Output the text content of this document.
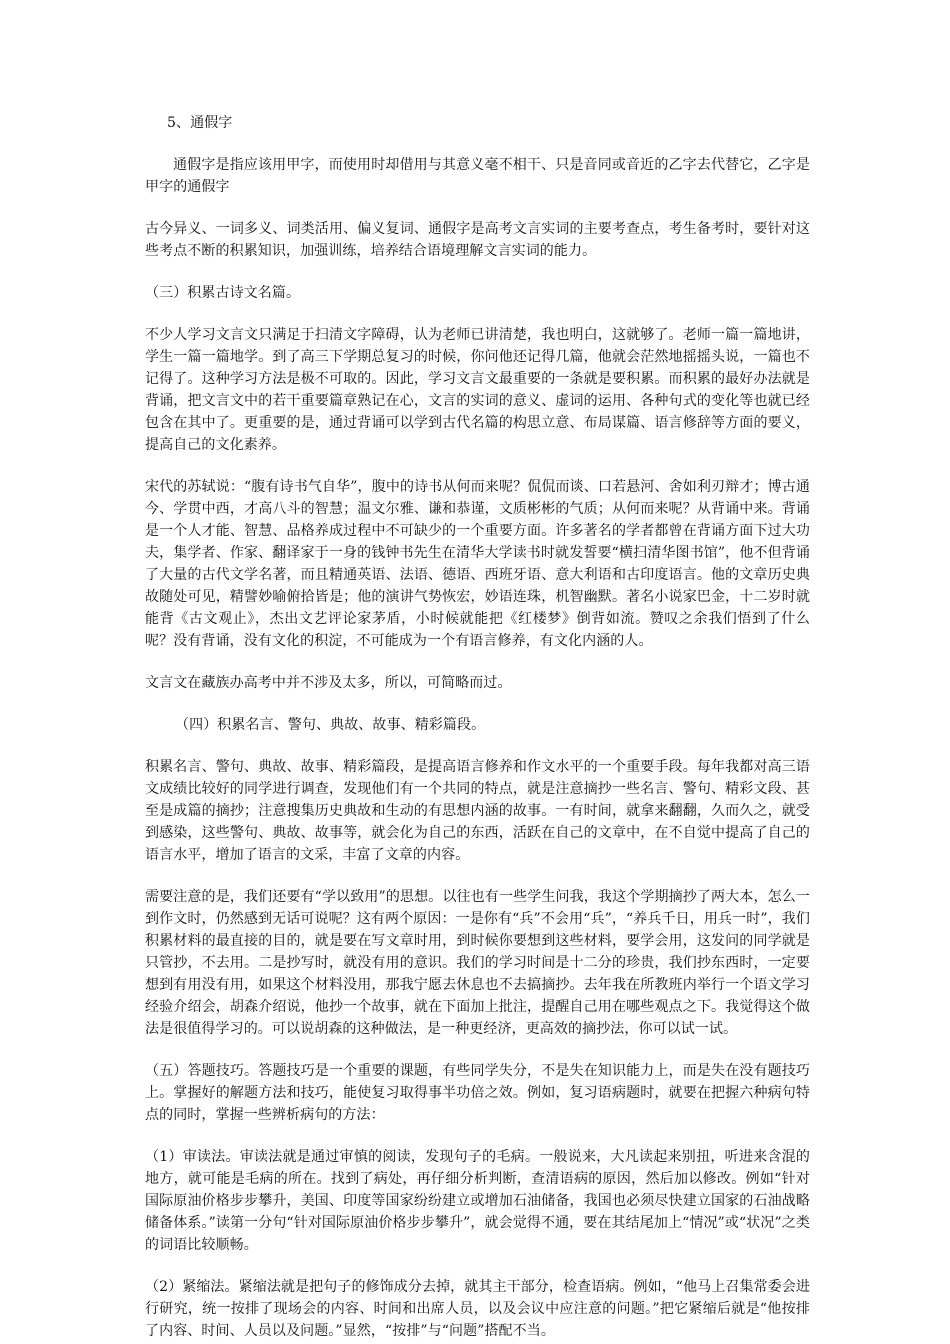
5、通假字

通假字是指应该用甲字，而使用时却借用与其意义毫不相干、只是音同或音近的乙字去代替它，乙字是甲字的通假字

古今异义、一词多义、词类活用、偏义复词、通假字是高考文言实词的主要考查点，考生备考时，要针对这些考点不断的积累知识，加强训练，培养结合语境理解文言实词的能力。

（三）积累古诗文名篇。

不少人学习文言文只满足于扫清文字障碍，认为老师已讲清楚，我也明白，这就够了。老师一篇一篇地讲，学生一篇一篇地学。到了高三下学期总复习的时候，你问他还记得几篇，他就会茫然地摇摇头说，一篇也不记得了。这种学习方法是极不可取的。因此，学习文言文最重要的一条就是要积累。而积累的最好办法就是背诵，把文言文中的若干重要篇章熟记在心，文言的实词的意义、虚词的运用、各种句式的变化等也就已经包含在其中了。更重要的是，通过背诵可以学到古代名篇的构思立意、布局谋篇、语言修辞等方面的要义，提高自己的文化素养。

宋代的苏轼说：“腹有诗书气自华”，腹中的诗书从何而来呢？侃侃而谈、口若悬河、舍如利刃辩才；博古通今、学贯中西，才高八斗的智慧；温文尔雅、谦和恭谨，文质彬彬的气质；从何而来呢？从背诵中来。背诵是一个人才能、智慧、品格养成过程中不可缺少的一个重要方面。许多著名的学者都曾在背诵方面下过大功夫，集学者、作家、翻译家于一身的钱钟书先生在清华大学读书时就发誓要“横扫清华图书馆”，他不但背诵了大量的古代文学名著，而且精通英语、法语、德语、西班牙语、意大利语和古印度语言。他的文章历史典故随处可见，精譬妙喻俯拾皆是；他的演讲气势恢宏，妙语连珠，机智幽默。著名小说家巴金，十二岁时就能背《古文观止》，杰出文艺评论家茅盾，小时候就能把《红楼梦》倒背如流。赞叹之余我们悟到了什么呢？没有背诵，没有文化的积淀，不可能成为一个有语言修养，有文化内涵的人。

文言文在藏族办高考中并不涉及太多，所以，可简略而过。

（四）积累名言、警句、典故、故事、精彩篇段。

积累名言、警句、典故、故事、精彩篇段，是提高语言修养和作文水平的一个重要手段。每年我都对高三语文成绩比较好的同学进行调查，发现他们有一个共同的特点，就是注意摘抄一些名言、警句、精彩文段、甚至是成篇的摘抄；注意搜集历史典故和生动的有思想内涵的故事。一有时间，就拿来翻翻，久而久之，就受到感染，这些警句、典故、故事等，就会化为自己的东西，活跃在自己的文章中，在不自觉中提高了自己的语言水平，增加了语言的文采，丰富了文章的内容。

需要注意的是，我们还要有“学以致用”的思想。以往也有一些学生问我，我这个学期摘抄了两大本，怎么一到作文时，仍然感到无话可说呢？这有两个原因：一是你有“兵”不会用“兵”，“养兵千日，用兵一时”，我们积累材料的最直接的目的，就是要在写文章时用，到时候你要想到这些材料，要学会用，这发问的同学就是只管抄，不去用。二是抄写时，就没有用的意识。我们的学习时间是十二分的珍贵，我们抄东西时，一定要想到有用没有用，如果这个材料没用，那我宁愿去休息也不去搞摘抄。去年我在所教班内举行一个语文学习经验介绍会，胡森介绍说，他抄一个故事，就在下面加上批注，提醒自己用在哪些观点之下。我觉得这个做法是很值得学习的。可以说胡森的这种做法，是一种更经济，更高效的摘抄法，你可以试一试。

（五）答题技巧。答题技巧是一个重要的课题，有些同学失分，不是失在知识能力上，而是失在没有题技巧上。掌握好的解题方法和技巧，能使复习取得事半功倍之效。例如，复习语病题时，就要在把握六种病句特点的同时，掌握一些辨析病句的方法：

（1）审读法。审读法就是通过审慎的阅读，发现句子的毛病。一般说来，大凡读起来别扭，听进来含混的地方，就可能是毛病的所在。找到了病处，再仔细分析判断，查清语病的原因，然后加以修改。例如“针对国际原油价格步步攀升，美国、印度等国家纷纷建立或增加石油储备，我国也必须尽快建立国家的石油战略储备体系。”读第一分句“针对国际原油价格步步攀升”，就会觉得不通，要在其结尾加上“情况”或“状况”之类的词语比较顺畅。

（2）紧缩法。紧缩法就是把句子的修饰成分去掉，就其主干部分，检查语病。例如，“他马上召集常委会进行研究，统一按排了现场会的内容、时间和出席人员，以及会议中应注意的问题。”把它紧缩后就是“他按排了内容、时间、人员以及问题。”显然，“按排”与“问题”搭配不当。
